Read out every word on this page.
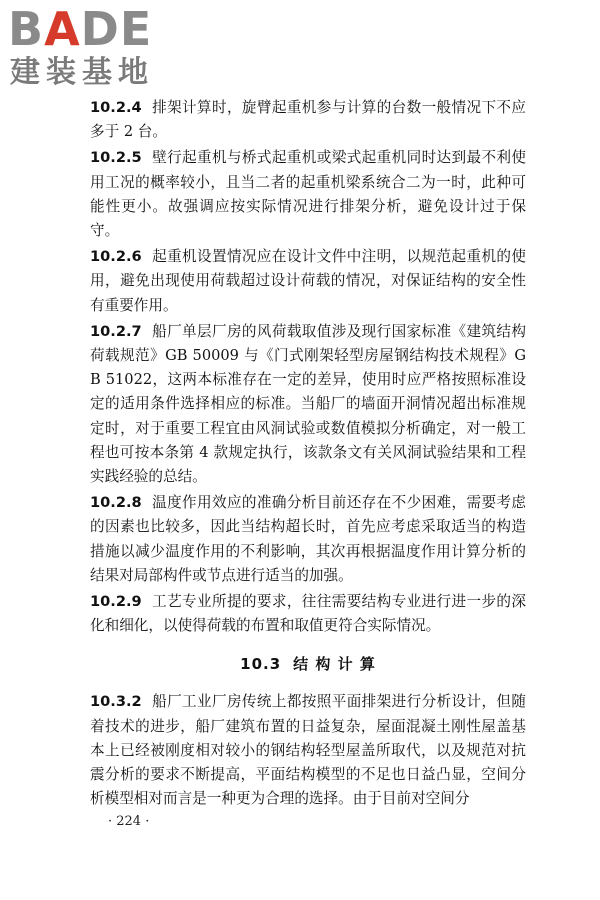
BADE
建装基地

10.2.4 排架计算时，旋臂起重机参与计算的台数一般情况下不应多于 2 台。

10.2.5 壁行起重机与桥式起重机或梁式起重机同时达到最不利使用工况的概率较小，且当二者的起重机梁系统合二为一时，此种可能性更小。故强调应按实际情况进行排架分析，避免设计过于保守。

10.2.6 起重机设置情况应在设计文件中注明，以规范起重机的使用，避免出现使用荷载超过设计荷载的情况，对保证结构的安全性有重要作用。

10.2.7 船厂单层厂房的风荷载取值涉及现行国家标准《建筑结构荷载规范》GB 50009 与《门式刚架轻型房屋钢结构技术规程》GB 51022，这两本标准存在一定的差异，使用时应严格按照标准设定的适用条件选择相应的标准。当船厂的墙面开洞情况超出标准规定时，对于重要工程宜由风洞试验或数值模拟分析确定，对一般工程也可按本条第 4 款规定执行，该款条文有关风洞试验结果和工程实践经验的总结。

10.2.8 温度作用效应的准确分析目前还存在不少困难，需要考虑的因素也比较多，因此当结构超长时，首先应考虑采取适当的构造措施以减少温度作用的不利影响，其次再根据温度作用计算分析的结果对局部构件或节点进行适当的加强。

10.2.9 工艺专业所提的要求，往往需要结构专业进行进一步的深化和细化，以使得荷载的布置和取值更符合实际情况。

10.3 结 构 计 算

10.3.2 船厂工业厂房传统上都按照平面排架进行分析设计，但随着技术的进步，船厂建筑布置的日益复杂，屋面混凝土刚性屋盖基本上已经被刚度相对较小的钢结构轻型屋盖所取代，以及规范对抗震分析的要求不断提高，平面结构模型的不足也日益凸显，空间分析模型相对而言是一种更为合理的选择。由于目前对空间分

· 224 ·
